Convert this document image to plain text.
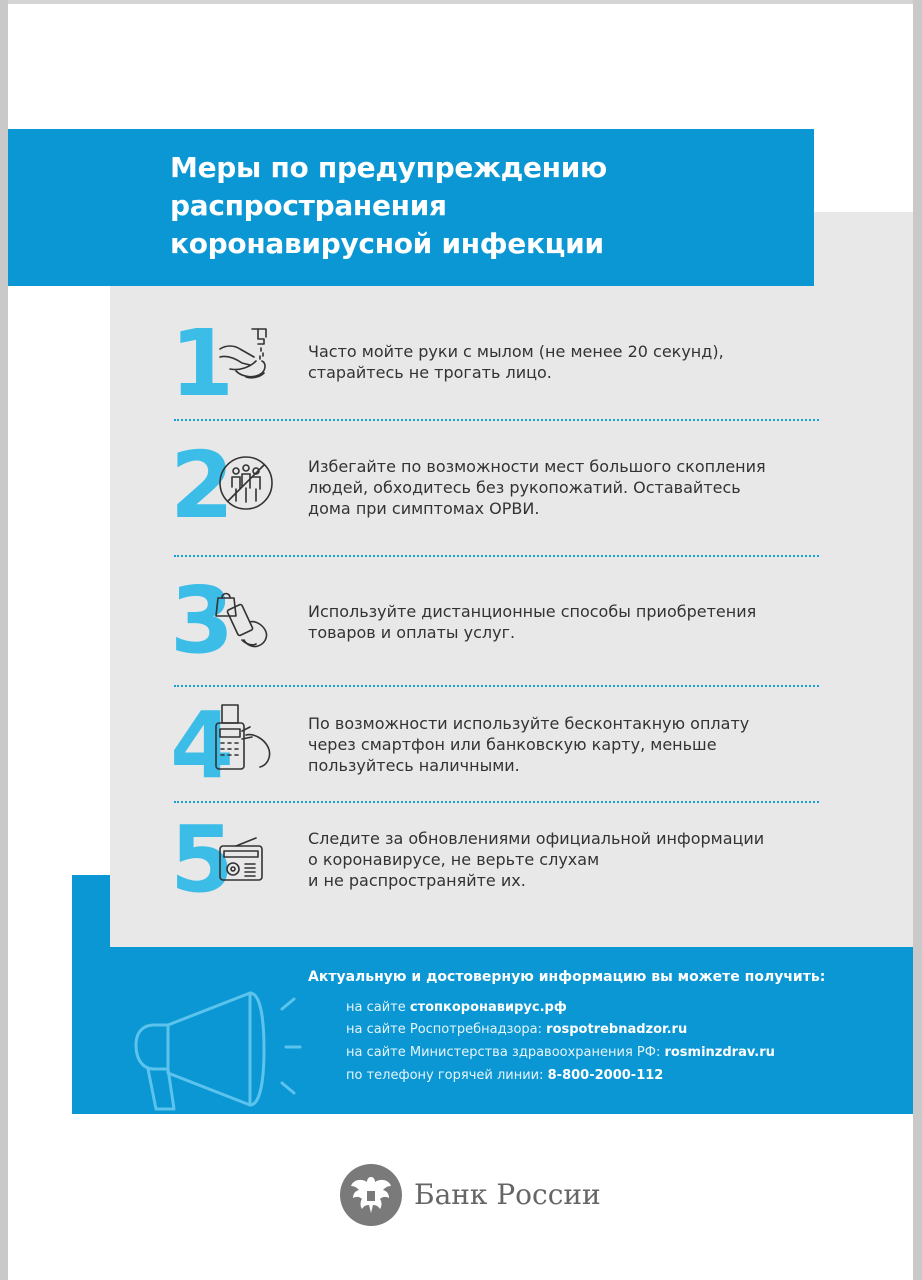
Меры по предупреждению
распространения
коронавирусной инфекции
1	Часто мойте руки с мылом (не менее 20 секунд),
старайтесь не трогать лицо.

2	Избегайте по возможности мест большого скопления
людей, обходитесь без рукопожатий. Оставайтесь
дома при симптомах ОРВИ.

3	Используйте дистанционные способы приобретения
товаров и оплаты услуг.

4	По возможности используйте бесконтакную оплату
через смартфон или банковскую карту, меньше
пользуйтесь наличными.

5	Следите за обновлениями официальной информации
о коронавирусе, не верьте слухам
и не распространяйте их.

Актуальную и достоверную информацию вы можете получить:

на сайте стопкоронавирус.рф

на сайте Роспотребнадзора: rospotrebnadzor.ru

на сайте Министерства здравоохранения РФ: rosminzdrav.ru

по телефону горячей линии: 8-800-2000-112

Банк России
